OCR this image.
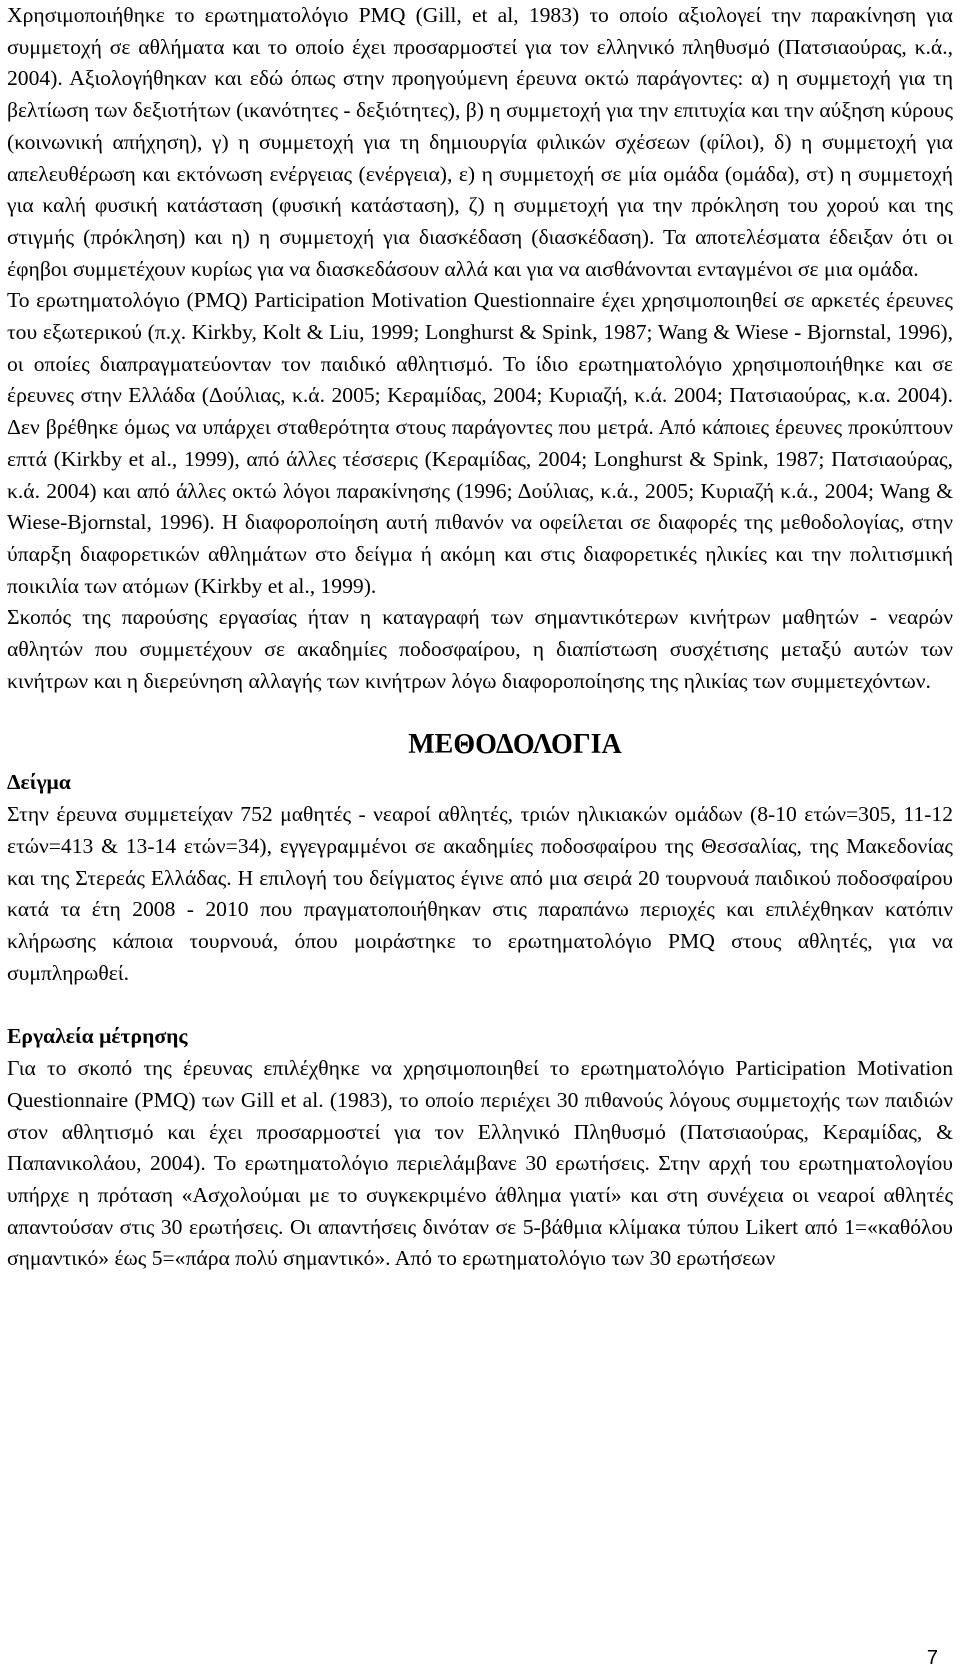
Χρησιμοποιήθηκε το ερωτηματολόγιο PMQ (Gill, et al, 1983) το οποίο αξιολογεί την παρακίνηση για συμμετοχή σε αθλήματα και το οποίο έχει προσαρμοστεί για τον ελληνικό πληθυσμό (Πατσιαούρας, κ.ά., 2004). Αξιολογήθηκαν και εδώ όπως στην προηγούμενη έρευνα οκτώ παράγοντες: α) η συμμετοχή για τη βελτίωση των δεξιοτήτων (ικανότητες - δεξιότητες), β) η συμμετοχή για την επιτυχία και την αύξηση κύρους (κοινωνική απήχηση), γ) η συμμετοχή για τη δημιουργία φιλικών σχέσεων (φίλοι), δ) η συμμετοχή για απελευθέρωση και εκτόνωση ενέργειας (ενέργεια), ε) η συμμετοχή σε μία ομάδα (ομάδα), στ) η συμμετοχή για καλή φυσική κατάσταση (φυσική κατάσταση), ζ) η συμμετοχή για την πρόκληση του χορού και της στιγμής (πρόκληση) και η) η συμμετοχή για διασκέδαση (διασκέδαση). Τα αποτελέσματα έδειξαν ότι οι έφηβοι συμμετέχουν κυρίως για να διασκεδάσουν αλλά και για να αισθάνονται ενταγμένοι σε μια ομάδα.

Το ερωτηματολόγιο (PMQ) Participation Motivation Questionnaire έχει χρησιμοποιηθεί σε αρκετές έρευνες του εξωτερικού (π.χ. Kirkby, Kolt & Liu, 1999; Longhurst & Spink, 1987; Wang & Wiese - Bjornstal, 1996), οι οποίες διαπραγματεύονταν τον παιδικό αθλητισμό. Το ίδιο ερωτηματολόγιο χρησιμοποιήθηκε και σε έρευνες στην Ελλάδα (Δούλιας, κ.ά. 2005; Κεραμίδας, 2004; Κυριαζή, κ.ά. 2004; Πατσιαούρας, κ.α. 2004). Δεν βρέθηκε όμως να υπάρχει σταθερότητα στους παράγοντες που μετρά. Από κάποιες έρευνες προκύπτουν επτά (Kirkby et al., 1999), από άλλες τέσσερις (Κεραμίδας, 2004; Longhurst & Spink, 1987; Πατσιαούρας, κ.ά. 2004) και από άλλες οκτώ λόγοι παρακίνησης (1996; Δούλιας, κ.ά., 2005; Κυριαζή κ.ά., 2004; Wang & Wiese-Bjornstal, 1996). Η διαφοροποίηση αυτή πιθανόν να οφείλεται σε διαφορές της μεθοδολογίας, στην ύπαρξη διαφορετικών αθλημάτων στο δείγμα ή ακόμη και στις διαφορετικές ηλικίες και την πολιτισμική ποικιλία των ατόμων (Kirkby et al., 1999).

Σκοπός της παρούσης εργασίας ήταν η καταγραφή των σημαντικότερων κινήτρων μαθητών - νεαρών αθλητών που συμμετέχουν σε ακαδημίες ποδοσφαίρου, η διαπίστωση συσχέτισης μεταξύ αυτών των κινήτρων και η διερεύνηση αλλαγής των κινήτρων λόγω διαφοροποίησης της ηλικίας των συμμετεχόντων.

ΜΕΘΟΔΟΛΟΓΙΑ

Δείγμα

Στην έρευνα συμμετείχαν 752 μαθητές - νεαροί αθλητές, τριών ηλικιακών ομάδων (8-10 ετών=305, 11-12 ετών=413 & 13-14 ετών=34), εγγεγραμμένοι σε ακαδημίες ποδοσφαίρου της Θεσσαλίας, της Μακεδονίας και της Στερεάς Ελλάδας. Η επιλογή του δείγματος έγινε από μια σειρά 20 τουρνουά παιδικού ποδοσφαίρου κατά τα έτη 2008 - 2010 που πραγματοποιήθηκαν στις παραπάνω περιοχές και επιλέχθηκαν κατόπιν κλήρωσης κάποια τουρνουά, όπου μοιράστηκε το ερωτηματολόγιο PMQ στους αθλητές, για να συμπληρωθεί.

Εργαλεία μέτρησης

Για το σκοπό της έρευνας επιλέχθηκε να χρησιμοποιηθεί το ερωτηματολόγιο Participation Motivation Questionnaire (PMQ) των Gill et al. (1983), το οποίο περιέχει 30 πιθανούς λόγους συμμετοχής των παιδιών στον αθλητισμό και έχει προσαρμοστεί για τον Ελληνικό Πληθυσμό (Πατσιαούρας, Κεραμίδας, & Παπανικολάου, 2004). Το ερωτηματολόγιο περιελάμβανε 30 ερωτήσεις. Στην αρχή του ερωτηματολογίου υπήρχε η πρόταση «Ασχολούμαι με το συγκεκριμένο άθλημα γιατί» και στη συνέχεια οι νεαροί αθλητές απαντούσαν στις 30 ερωτήσεις. Οι απαντήσεις δινόταν σε 5-βάθμια κλίμακα τύπου Likert από 1=«καθόλου σημαντικό» έως 5=«πάρα πολύ σημαντικό». Από το ερωτηματολόγιο των 30 ερωτήσεων

7
